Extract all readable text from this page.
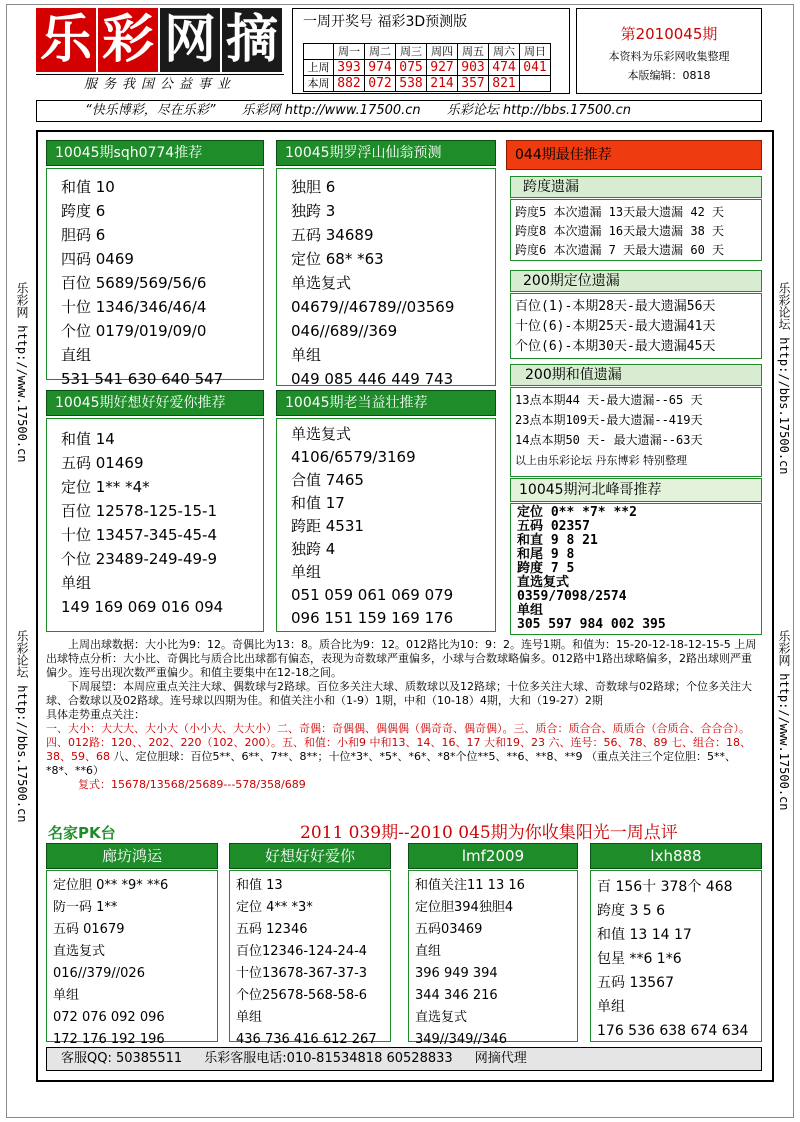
乐 彩 网 摘
服务我国公益事业
一周开奖号 福彩3D预测版
	周一	周二	周三	周四	周五	周六	周日
上周	393	974	075	927	903	474	041
本周	882	072	538	214	357	821	
第2010045期
本资料为乐彩网收集整理
本版编辑：0818
“快乐博彩，尽在乐彩” 乐彩网 http://www.17500.cn 乐彩论坛 http://bbs.17500.cn
乐彩网 http://www.17500.cn
乐彩论坛 http://bbs.17500.cn
乐彩论坛 http://bbs.17500.cn
乐彩网 http://www.17500.cn
10045期sqh0774推荐
和值 10
跨度 6
胆码 6
四码 0469
百位 5689/569/56/6
十位 1346/346/46/4
个位 0179/019/09/0
直组
531 541 630 640 547
10045期罗浮山仙翁预测
独胆 6
独跨 3
五码 34689
定位 68* *63
单选复式
04679//46789//03569
046//689//369
单组
049 085 446 449 743
10045期好想好好爱你推荐
和值 14
五码 01469
定位 1** *4*
百位 12578-125-15-1
十位 13457-345-45-4
个位 23489-249-49-9
单组
149 169 069 016 094
10045期老当益壮推荐
单选复式
4106/6579/3169
合值 7465
和值 17
跨距 4531
独跨 4
单组
051 059 061 069 079
096 151 159 169 176
044期最佳推荐
跨度遗漏
跨度5 本次遗漏 13天最大遗漏 42 天
跨度8 本次遗漏 16天最大遗漏 38 天
跨度6 本次遗漏 7 天最大遗漏 60 天
200期定位遗漏
百位(1)-本期28天-最大遗漏56天
十位(6)-本期25天-最大遗漏41天
个位(6)-本期30天-最大遗漏45天
200期和值遗漏
13点本期44 天-最大遗漏--65 天
23点本期109天-最大遗漏--419天
14点本期50 天- 最大遗漏--63天
以上由乐彩论坛 丹东博彩 特别整理
10045期河北峰哥推荐
定位 0** *7* **2
五码 02357
和直 9 8 21
和尾 9 8
跨度 7 5
直选复式
0359/7098/2574
单组
305 597 984 002 395
上周出球数据：大小比为9：12。奇偶比为13：8。质合比为9：12。012路比为10：9：2。连号1期。和值为：15-20-12-18-12-15-5 上周出球特点分析：大小比、奇偶比与质合比出球都有偏态，表现为奇数球严重偏多，小球与合数球略偏多。012路中1路出球略偏多，2路出球则严重偏少。连号出现次数严重偏少。和值主要集中在12-18之间。
下周展望：本周应重点关注大球、偶数球与2路球。百位多关注大球、质数球以及12路球；十位多关注大球、奇数球与02路球；个位多关注大球、合数球以及02路球。连号球以四期为佳。和值关注小和（1-9）1期，中和（10-18）4期，大和（19-27）2期
具体走势重点关注：
一、大小：大大大、大小大（小小大、大大小）二、奇偶：奇偶偶、偶偶偶（偶奇奇、偶奇偶）。三、质合：质合合、质质合（合质合、合合合）。四、012路：120、、202、220（102、200）。五、和值：小和9 中和13、14、16、17 大和19、23 六、连号：56、78、89 七、组合：18、38、59、68 八、定位胆球：百位5**、6**、7**、8**；十位*3*、*5*、*6*、*8*个位**5、**6、**8、**9 （重点关注三个定位胆：5**、*8*、**6）
复式：15678/13568/25689---578/358/689
名家PK台	2011 039期--2010 045期为你收集阳光一周点评
廊坊鸿运
定位胆 0** *9* **6
防一码 1**
五码 01679
直选复式
016//379//026
单组
072 076 092 096
172 176 192 196
好想好好爱你
和值 13
定位 4** *3*
五码 12346
百位12346-124-24-4
十位13678-367-37-3
个位25678-568-58-6
单组
436 736 416 612 267
lmf2009
和值关注11 13 16
定位胆394独胆4
五码03469
直组
396 949 394
344 346 216
直选复式
349//349//346
lxh888
百 156十 378个 468
跨度 3 5 6
和值 13 14 17
包星 **6 1*6
五码 13567
单组
176 536 638 674 634
客服QQ: 50385511 乐彩客服电话:010-81534818 60528833 网摘代理
